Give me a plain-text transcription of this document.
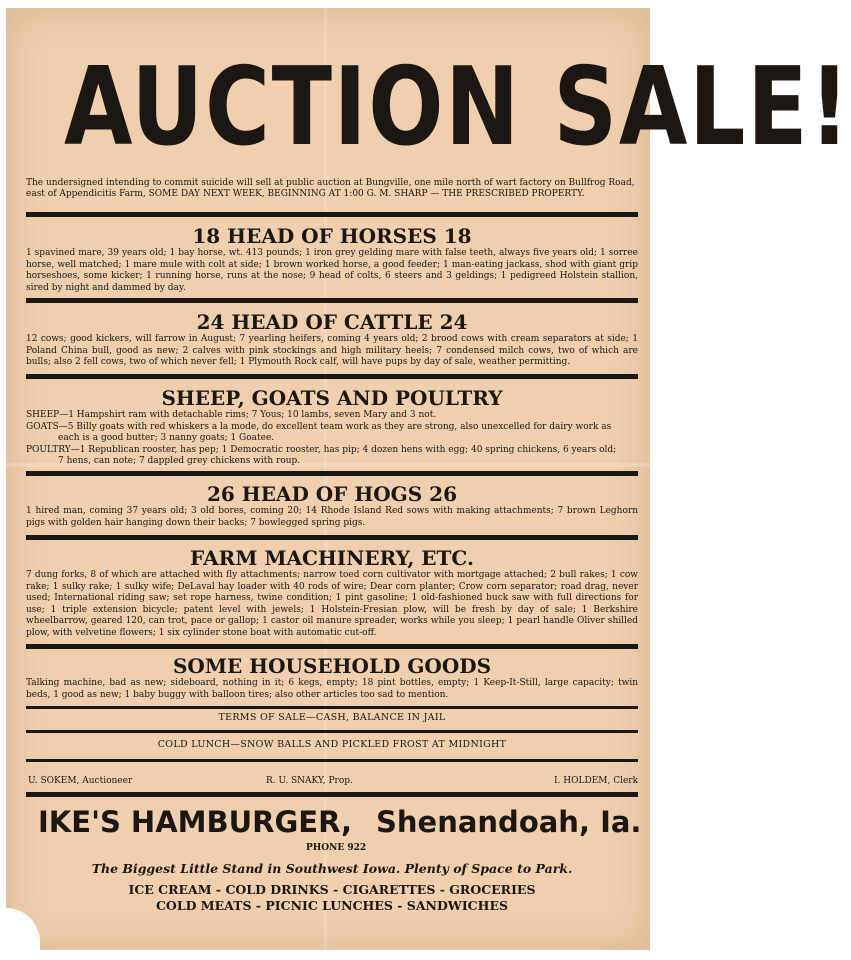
AUCTION SALE!
The undersigned intending to commit suicide will sell at public auction at Bungville, one mile north of wart factory on Bullfrog Road, east of Appendicitis Farm, SOME DAY NEXT WEEK, BEGINNING AT 1:00 G. M. SHARP — THE PRESCRIBED PROPERTY.
18 HEAD OF HORSES 18
1 spavined mare, 39 years old; 1 bay horse, wt. 413 pounds; 1 iron grey gelding mare with false teeth, always five years old; 1 sorree horse, well matched; 1 mare mule with colt at side; 1 brown worked horse, a good feeder; 1 man-eating jackass, shod with giant grip horseshoes, some kicker; 1 running horse, runs at the nose; 9 head of colts, 6 steers and 3 geldings; 1 pedigreed Holstein stallion, sired by night and dammed by day.
24 HEAD OF CATTLE 24
12 cows; good kickers, will farrow in August; 7 yearling heifers, coming 4 years old; 2 brood cows with cream separators at side; 1 Poland China bull, good as new; 2 calves with pink stockings and high military heels; 7 condensed milch cows, two of which are bulls; also 2 fell cows, two of which never fell; 1 Plymouth Rock calf, will have pups by day of sale, weather permitting.
SHEEP, GOATS AND POULTRY

SHEEP—1 Hampshirt ram with detachable rims; 7 Yous; 10 lambs, seven Mary and 3 not.

GOATS—5 Billy goats with red whiskers a la mode, do excellent team work as they are strong, also unexcelled for dairy work as

each is a good butter; 3 nanny goats; 1 Goatee.

POULTRY—1 Republican rooster, has pep; 1 Democratic rooster, has pip; 4 dozen hens with egg; 40 spring chickens, 6 years old;

7 hens, can note; 7 dappled grey chickens with roup.

26 HEAD OF HOGS 26
1 hired man, coming 37 years old; 3 old bores, coming 20; 14 Rhode Island Red sows with making attachments; 7 brown Leghorn pigs with golden hair hanging down their backs; 7 bowlegged spring pigs.
FARM MACHINERY, ETC.
7 dung forks, 8 of which are attached with fly attachments; narrow toed corn cultivator with mortgage attached; 2 bull rakes; 1 cow rake; 1 sulky rake; 1 sulky wife; DeLaval hay loader with 40 rods of wire; Dear corn planter; Crow corn separator; road drag, never used; International riding saw; set rope harness, twine condition; 1 pint gasoline; 1 old-fashioned buck saw with full directions for use; 1 triple extension bicycle; patent level with jewels; 1 Holstein-Fresian plow, will be fresh by day of sale; 1 Berkshire wheelbarrow, geared 120, can trot, pace or gallop; 1 castor oil manure spreader, works while you sleep; 1 pearl handle Oliver shilled plow, with velvetine flowers; 1 six cylinder stone boat with automatic cut-off.
SOME HOUSEHOLD GOODS
Talking machine, bad as new; sideboard, nothing in it; 6 kegs, empty; 18 pint bottles, empty; 1 Keep-It-Still, large capacity; twin beds, 1 good as new; 1 baby buggy with balloon tires; also other articles too sad to mention.
TERMS OF SALE—CASH, BALANCE IN JAIL
COLD LUNCH—SNOW BALLS AND PICKLED FROST AT MIDNIGHT
U. SOKEM, Auctioneer	R. U. SNAKY, Prop.	I. HOLDEM, Clerk
IKE'S HAMBURGER, Shenandoah, Ia.
PHONE 922
The Biggest Little Stand in Southwest Iowa. Plenty of Space to Park.
ICE CREAM - COLD DRINKS - CIGARETTES - GROCERIES
COLD MEATS - PICNIC LUNCHES - SANDWICHES
